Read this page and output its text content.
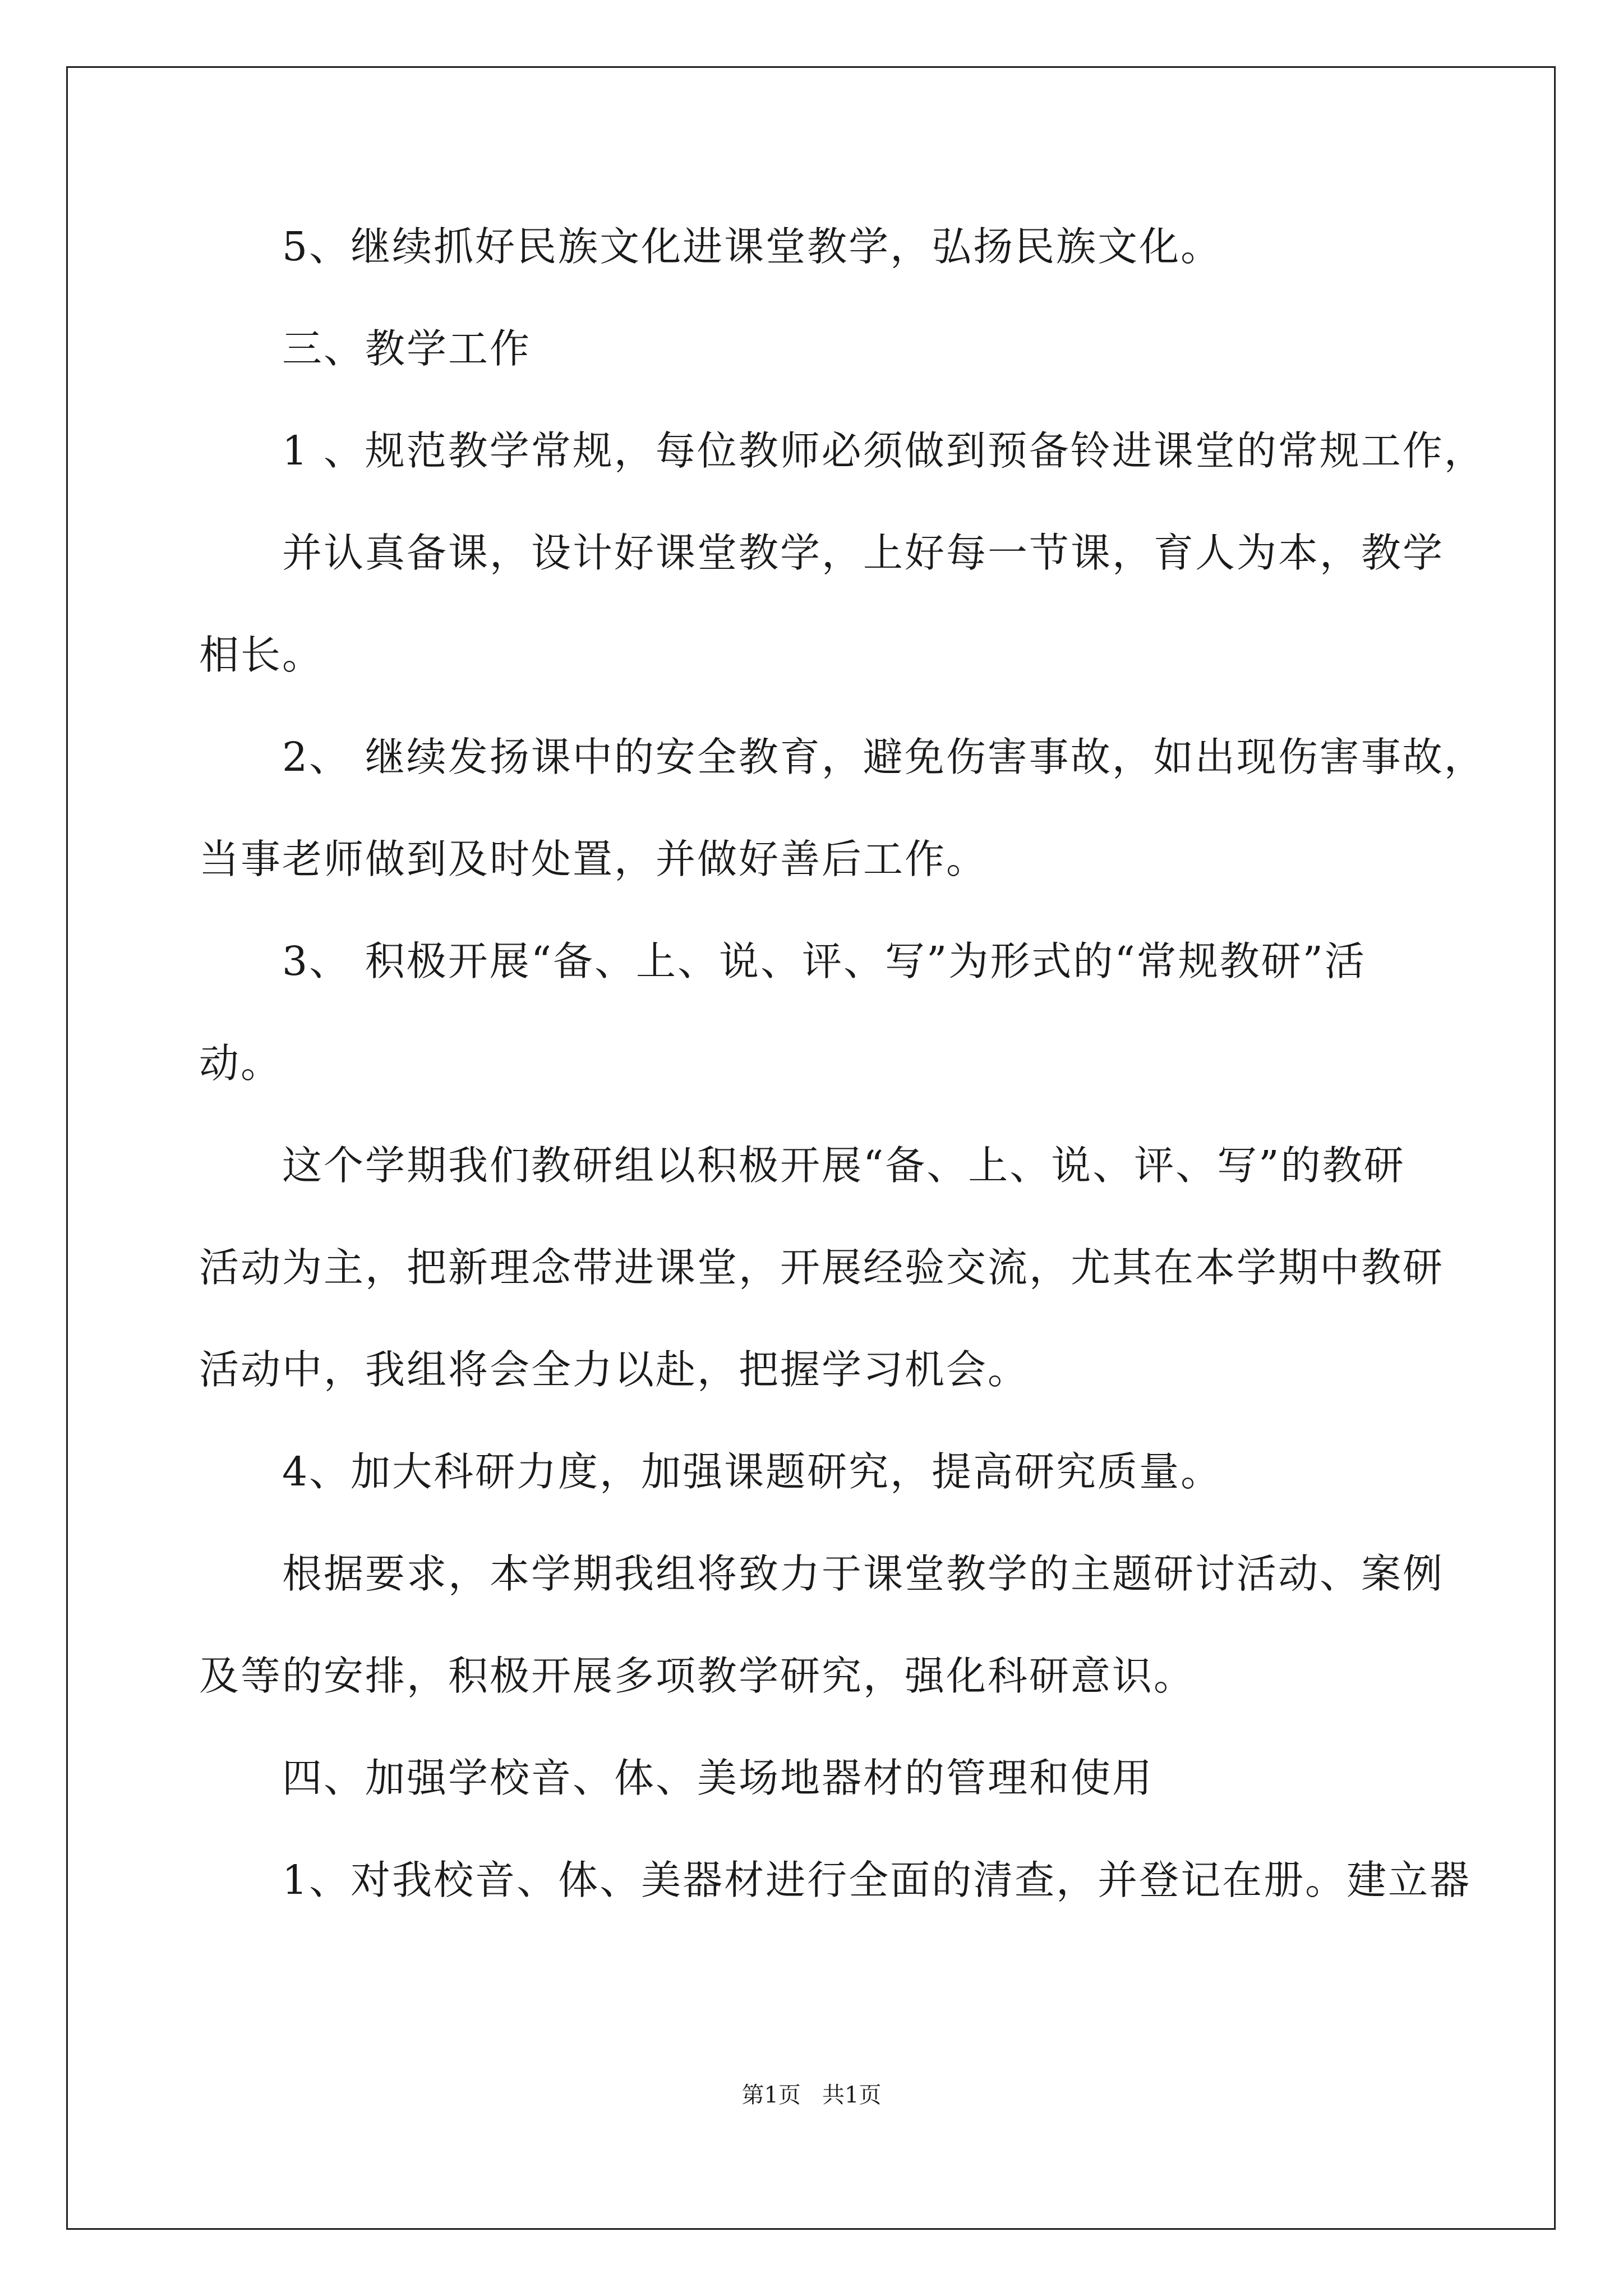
5、继续抓好民族文化进课堂教学，弘扬民族文化。
三、教学工作
1 、规范教学常规，每位教师必须做到预备铃进课堂的常规工作，
并认真备课，设计好课堂教学，上好每一节课，育人为本，教学
相长。
2、 继续发扬课中的安全教育，避免伤害事故，如出现伤害事故，
当事老师做到及时处置，并做好善后工作。
3、 积极开展“备、上、说、评、写”为形式的“常规教研”活
动。
这个学期我们教研组以积极开展“备、上、说、评、写”的教研
活动为主，把新理念带进课堂，开展经验交流，尤其在本学期中教研
活动中，我组将会全力以赴，把握学习机会。
4、加大科研力度，加强课题研究，提高研究质量。
根据要求，本学期我组将致力于课堂教学的主题研讨活动、案例
及等的安排，积极开展多项教学研究，强化科研意识。
四、加强学校音、体、美场地器材的管理和使用
1、对我校音、体、美器材进行全面的清查，并登记在册。建立器
第1页   共1页
